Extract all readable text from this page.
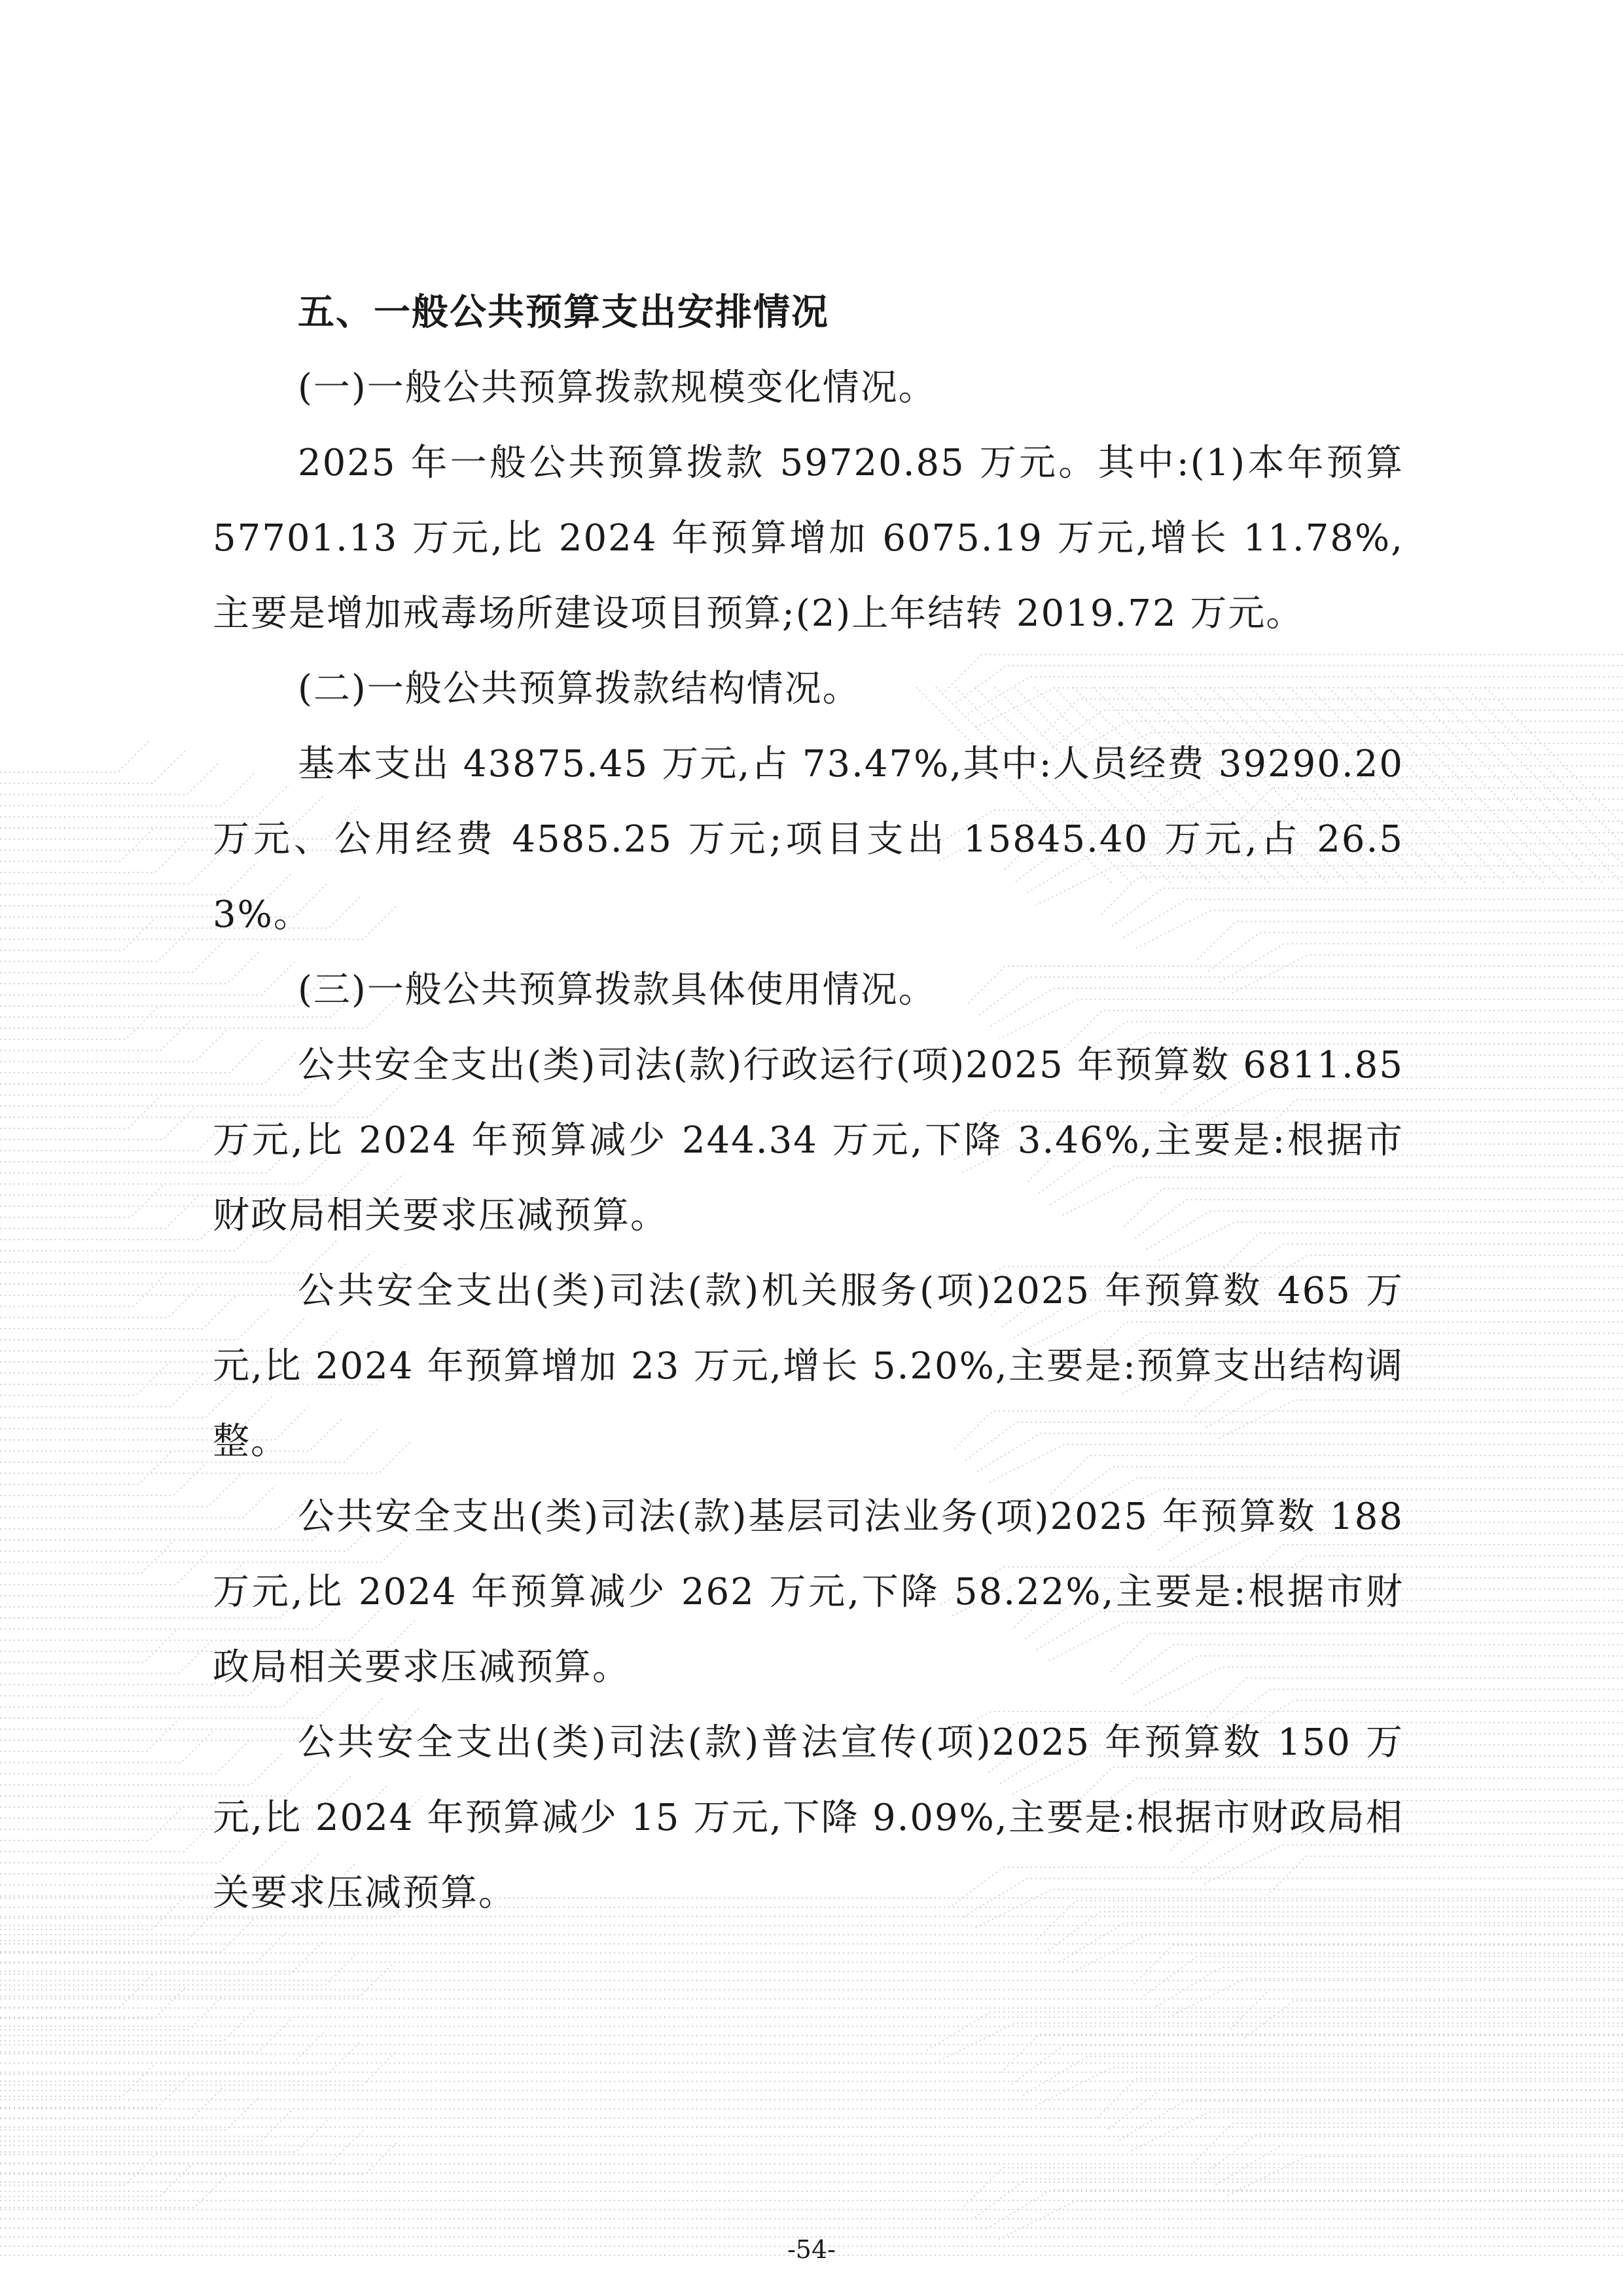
五、一般公共预算支出安排情况

(一)一般公共预算拨款规模变化情况。

2025 年一般公共预算拨款 59720.85 万元。其中:(1)本年预算 57701.13 万元,比 2024 年预算增加 6075.19 万元,增长 11.78%,主要是增加戒毒场所建设项目预算;(2)上年结转 2019.72 万元。

(二)一般公共预算拨款结构情况。

基本支出 43875.45 万元,占 73.47%,其中:人员经费 39290.20 万元、公用经费 4585.25 万元;项目支出 15845.40 万元,占 26.53%。

(三)一般公共预算拨款具体使用情况。

公共安全支出(类)司法(款)行政运行(项)2025 年预算数 6811.85 万元,比 2024 年预算减少 244.34 万元,下降 3.46%,主要是:根据市财政局相关要求压减预算。

公共安全支出(类)司法(款)机关服务(项)2025 年预算数 465 万元,比 2024 年预算增加 23 万元,增长 5.20%,主要是:预算支出结构调整。

公共安全支出(类)司法(款)基层司法业务(项)2025 年预算数 188 万元,比 2024 年预算减少 262 万元,下降 58.22%,主要是:根据市财政局相关要求压减预算。

公共安全支出(类)司法(款)普法宣传(项)2025 年预算数 150 万元,比 2024 年预算减少 15 万元,下降 9.09%,主要是:根据市财政局相关要求压减预算。

-54-
